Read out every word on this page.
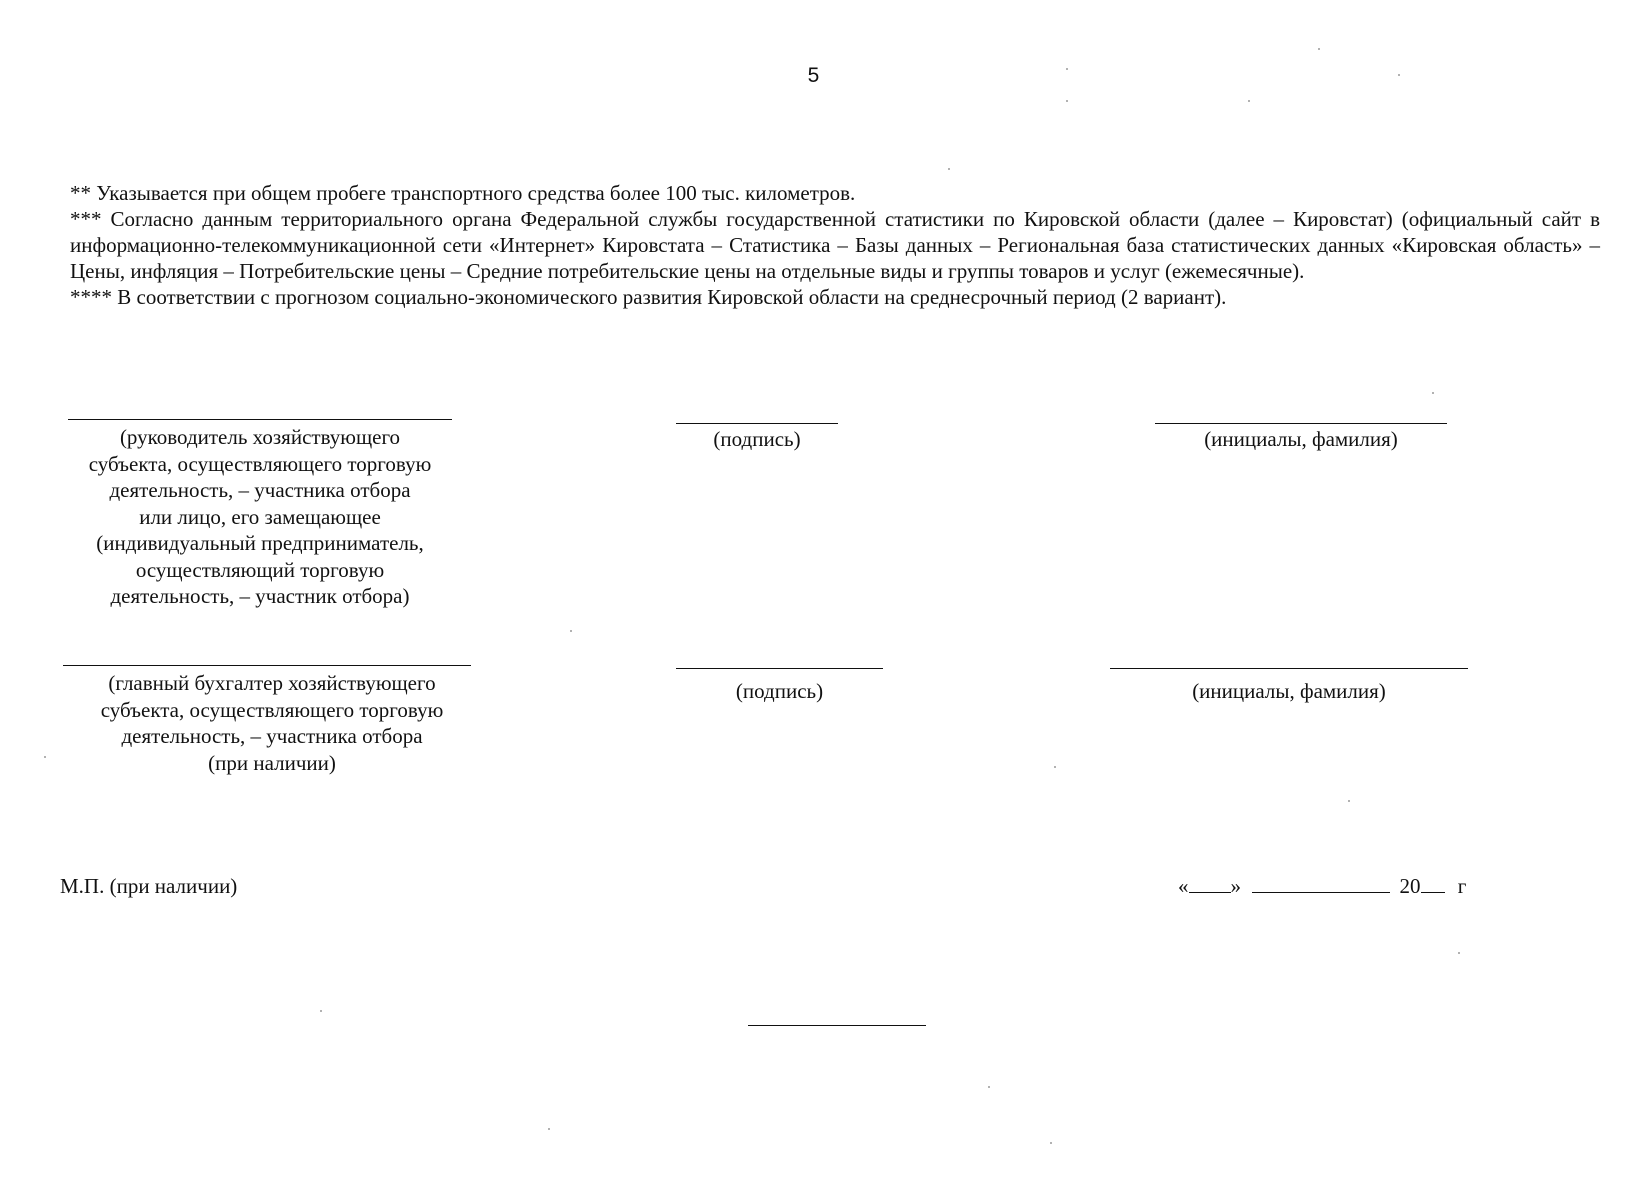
5

** Указывается при общем пробеге транспортного средства более 100 тыс. километров.

*** Согласно данным территориального органа Федеральной службы государственной статистики по Кировской области (далее – Кировстат) (официальный сайт в информационно-телекоммуникационной сети «Интернет» Кировстата – Статистика – Базы данных – Региональная база статистических данных «Кировская область» – Цены, инфляция – Потребительские цены – Средние потребительские цены на отдельные виды и группы товаров и услуг (ежемесячные).

**** В соответствии с прогнозом социально-экономического развития Кировской области на среднесрочный период (2 вариант).

(руководитель хозяйствующего
субъекта, осуществляющего торговую
деятельность, – участника отбора
или лицо, его замещающее
(индивидуальный предприниматель,
осуществляющий торговую
деятельность, – участник отбора)
(подпись)	(инициалы, фамилия)
(главный бухгалтер хозяйствующего
субъекта, осуществляющего торговую
деятельность, – участника отбора
(при наличии)
(подпись)	(инициалы, фамилия)
М.П. (при наличии)	« »	20 г
